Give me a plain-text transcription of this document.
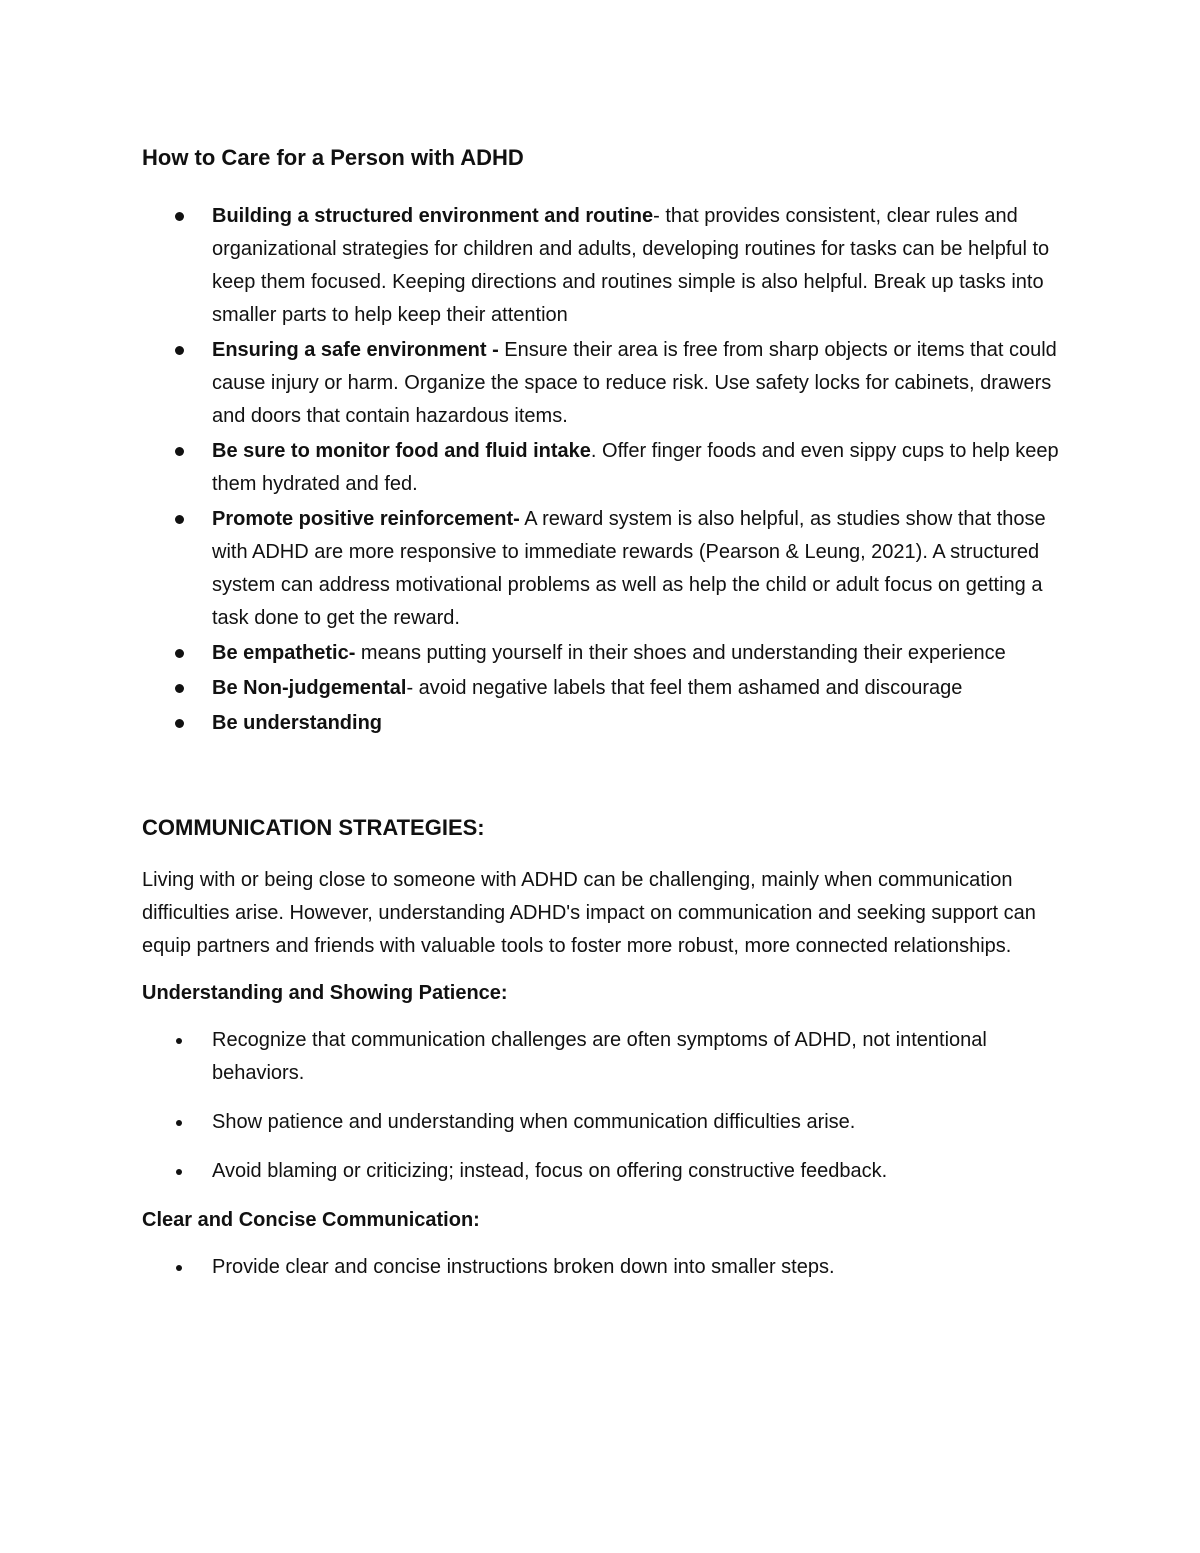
How to Care for a Person with ADHD
Building a structured environment and routine- that provides consistent, clear rules and organizational strategies for children and adults, developing routines for tasks can be helpful to keep them focused. Keeping directions and routines simple is also helpful. Break up tasks into smaller parts to help keep their attention
Ensuring a safe environment - Ensure their area is free from sharp objects or items that could cause injury or harm. Organize the space to reduce risk. Use safety locks for cabinets, drawers and doors that contain hazardous items.
Be sure to monitor food and fluid intake. Offer finger foods and even sippy cups to help keep them hydrated and fed.
Promote positive reinforcement- A reward system is also helpful, as studies show that those with ADHD are more responsive to immediate rewards (Pearson & Leung, 2021). A structured system can address motivational problems as well as help the child or adult focus on getting a task done to get the reward.
Be empathetic- means putting yourself in their shoes and understanding their experience
Be Non-judgemental- avoid negative labels that feel them ashamed and discourage
Be understanding
COMMUNICATION STRATEGIES:

Living with or being close to someone with ADHD can be challenging, mainly when communication difficulties arise. However, understanding ADHD's impact on communication and seeking support can equip partners and friends with valuable tools to foster more robust, more connected relationships.

Understanding and Showing Patience:

Recognize that communication challenges are often symptoms of ADHD, not intentional behaviors.
Show patience and understanding when communication difficulties arise.
Avoid blaming or criticizing; instead, focus on offering constructive feedback.

Clear and Concise Communication:

Provide clear and concise instructions broken down into smaller steps.
